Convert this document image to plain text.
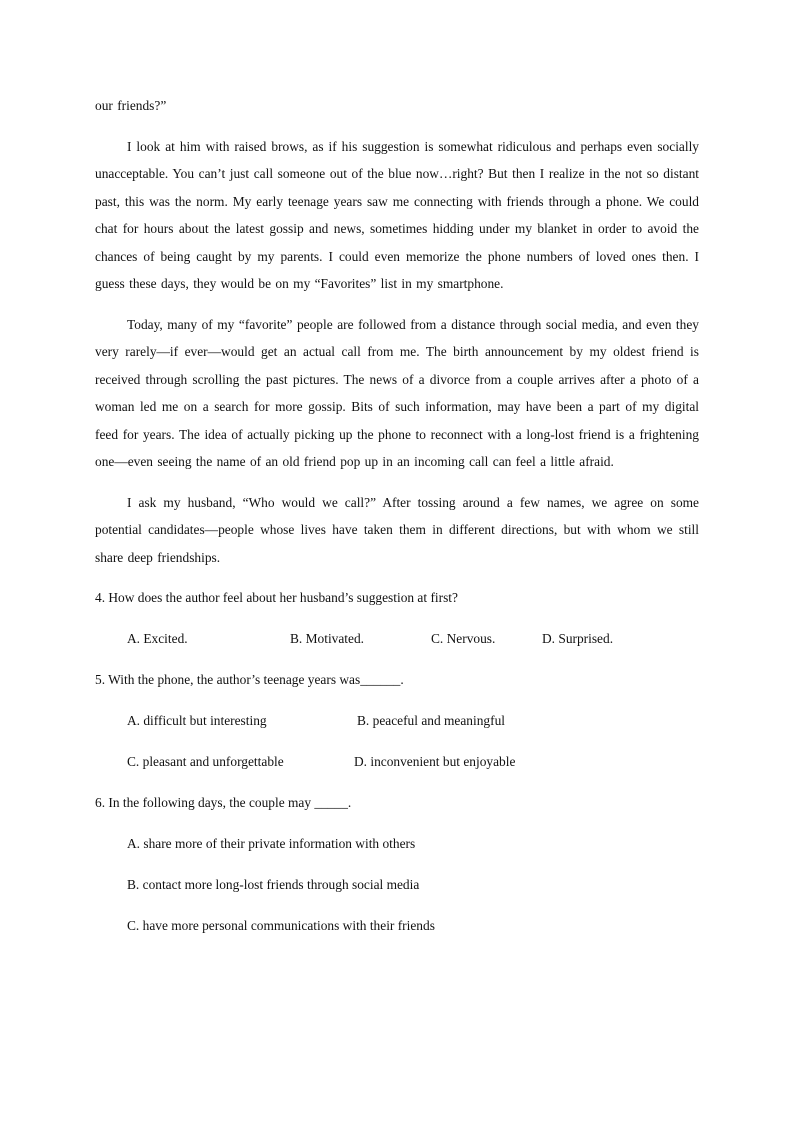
our friends?”

I look at him with raised brows, as if his suggestion is somewhat ridiculous and perhaps even socially unacceptable. You can’t just call someone out of the blue now…right? But then I realize in the not so distant past, this was the norm. My early teenage years saw me connecting with friends through a phone. We could chat for hours about the latest gossip and news, sometimes hidding under my blanket in order to avoid the chances of being caught by my parents. I could even memorize the phone numbers of loved ones then. I guess these days, they would be on my “Favorites” list in my smartphone.

Today, many of my “favorite” people are followed from a distance through social media, and even they very rarely—if ever—would get an actual call from me. The birth announcement by my oldest friend is received through scrolling the past pictures. The news of a divorce from a couple arrives after a photo of a woman led me on a search for more gossip. Bits of such information, may have been a part of my digital feed for years. The idea of actually picking up the phone to reconnect with a long-lost friend is a frightening one—even seeing the name of an old friend pop up in an incoming call can feel a little afraid.

I ask my husband, “Who would we call?” After tossing around a few names, we agree on some potential candidates—people whose lives have taken them in different directions, but with whom we still share deep friendships.

4. How does the author feel about her husband’s suggestion at first?

A. Excited.	B. Motivated.	C. Nervous.	D. Surprised.

5. With the phone, the author’s teenage years was______.

A. difficult but interesting	B. peaceful and meaningful
C. pleasant and unforgettable	D. inconvenient but enjoyable

6. In the following days, the couple may _____.

A. share more of their private information with others

B. contact more long-lost friends through social media

C. have more personal communications with their friends
